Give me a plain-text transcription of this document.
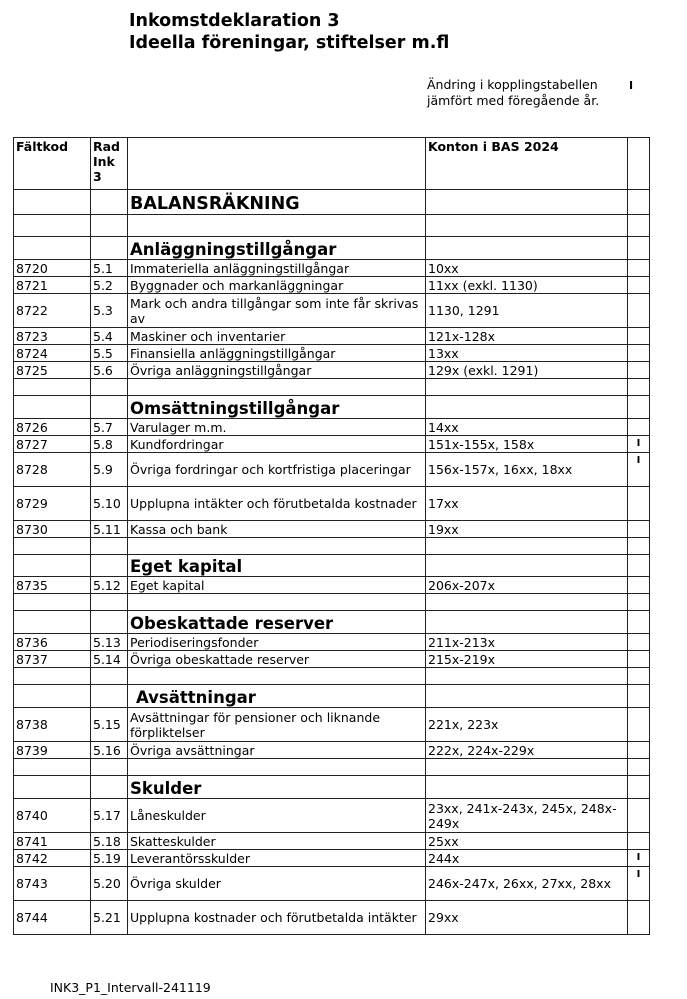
Inkomstdeklaration 3
Ideella föreningar, stiftelser m.fl
Ändring i kopplingstabellen
jämfört med föregående år.
I
Fältkod	Rad
Ink
3		Konton i BAS 2024	
		BALANSRÄKNING		

		Anläggningstillgångar		
8720	5.1	Immateriella anläggningstillgångar	10xx	
8721	5.2	Byggnader och markanläggningar	11xx (exkl. 1130)	
8722	5.3	Mark och andra tillgångar som inte får skrivas av	1130, 1291	
8723	5.4	Maskiner och inventarier	121x-128x	
8724	5.5	Finansiella anläggningstillgångar	13xx	
8725	5.6	Övriga anläggningstillgångar	129x (exkl. 1291)	

		Omsättningstillgångar		
8726	5.7	Varulager m.m.	14xx	
8727	5.8	Kundfordringar	151x-155x, 158x	I
8728	5.9	Övriga fordringar och kortfristiga placeringar	156x-157x, 16xx, 18xx	I
8729	5.10	Upplupna intäkter och förutbetalda kostnader	17xx	
8730	5.11	Kassa och bank	19xx	

		Eget kapital		
8735	5.12	Eget kapital	206x-207x	

		Obeskattade reserver		
8736	5.13	Periodiseringsfonder	211x-213x	
8737	5.14	Övriga obeskattade reserver	215x-219x	

		Avsättningar		
8738	5.15	Avsättningar för pensioner och liknande förpliktelser	221x, 223x	
8739	5.16	Övriga avsättningar	222x, 224x-229x	

		Skulder		
8740	5.17	Låneskulder	23xx, 241x-243x, 245x, 248x-249x	
8741	5.18	Skatteskulder	25xx	
8742	5.19	Leverantörsskulder	244x	I
8743	5.20	Övriga skulder	246x-247x, 26xx, 27xx, 28xx	I
8744	5.21	Upplupna kostnader och förutbetalda intäkter	29xx	
INK3_P1_Intervall-241119
